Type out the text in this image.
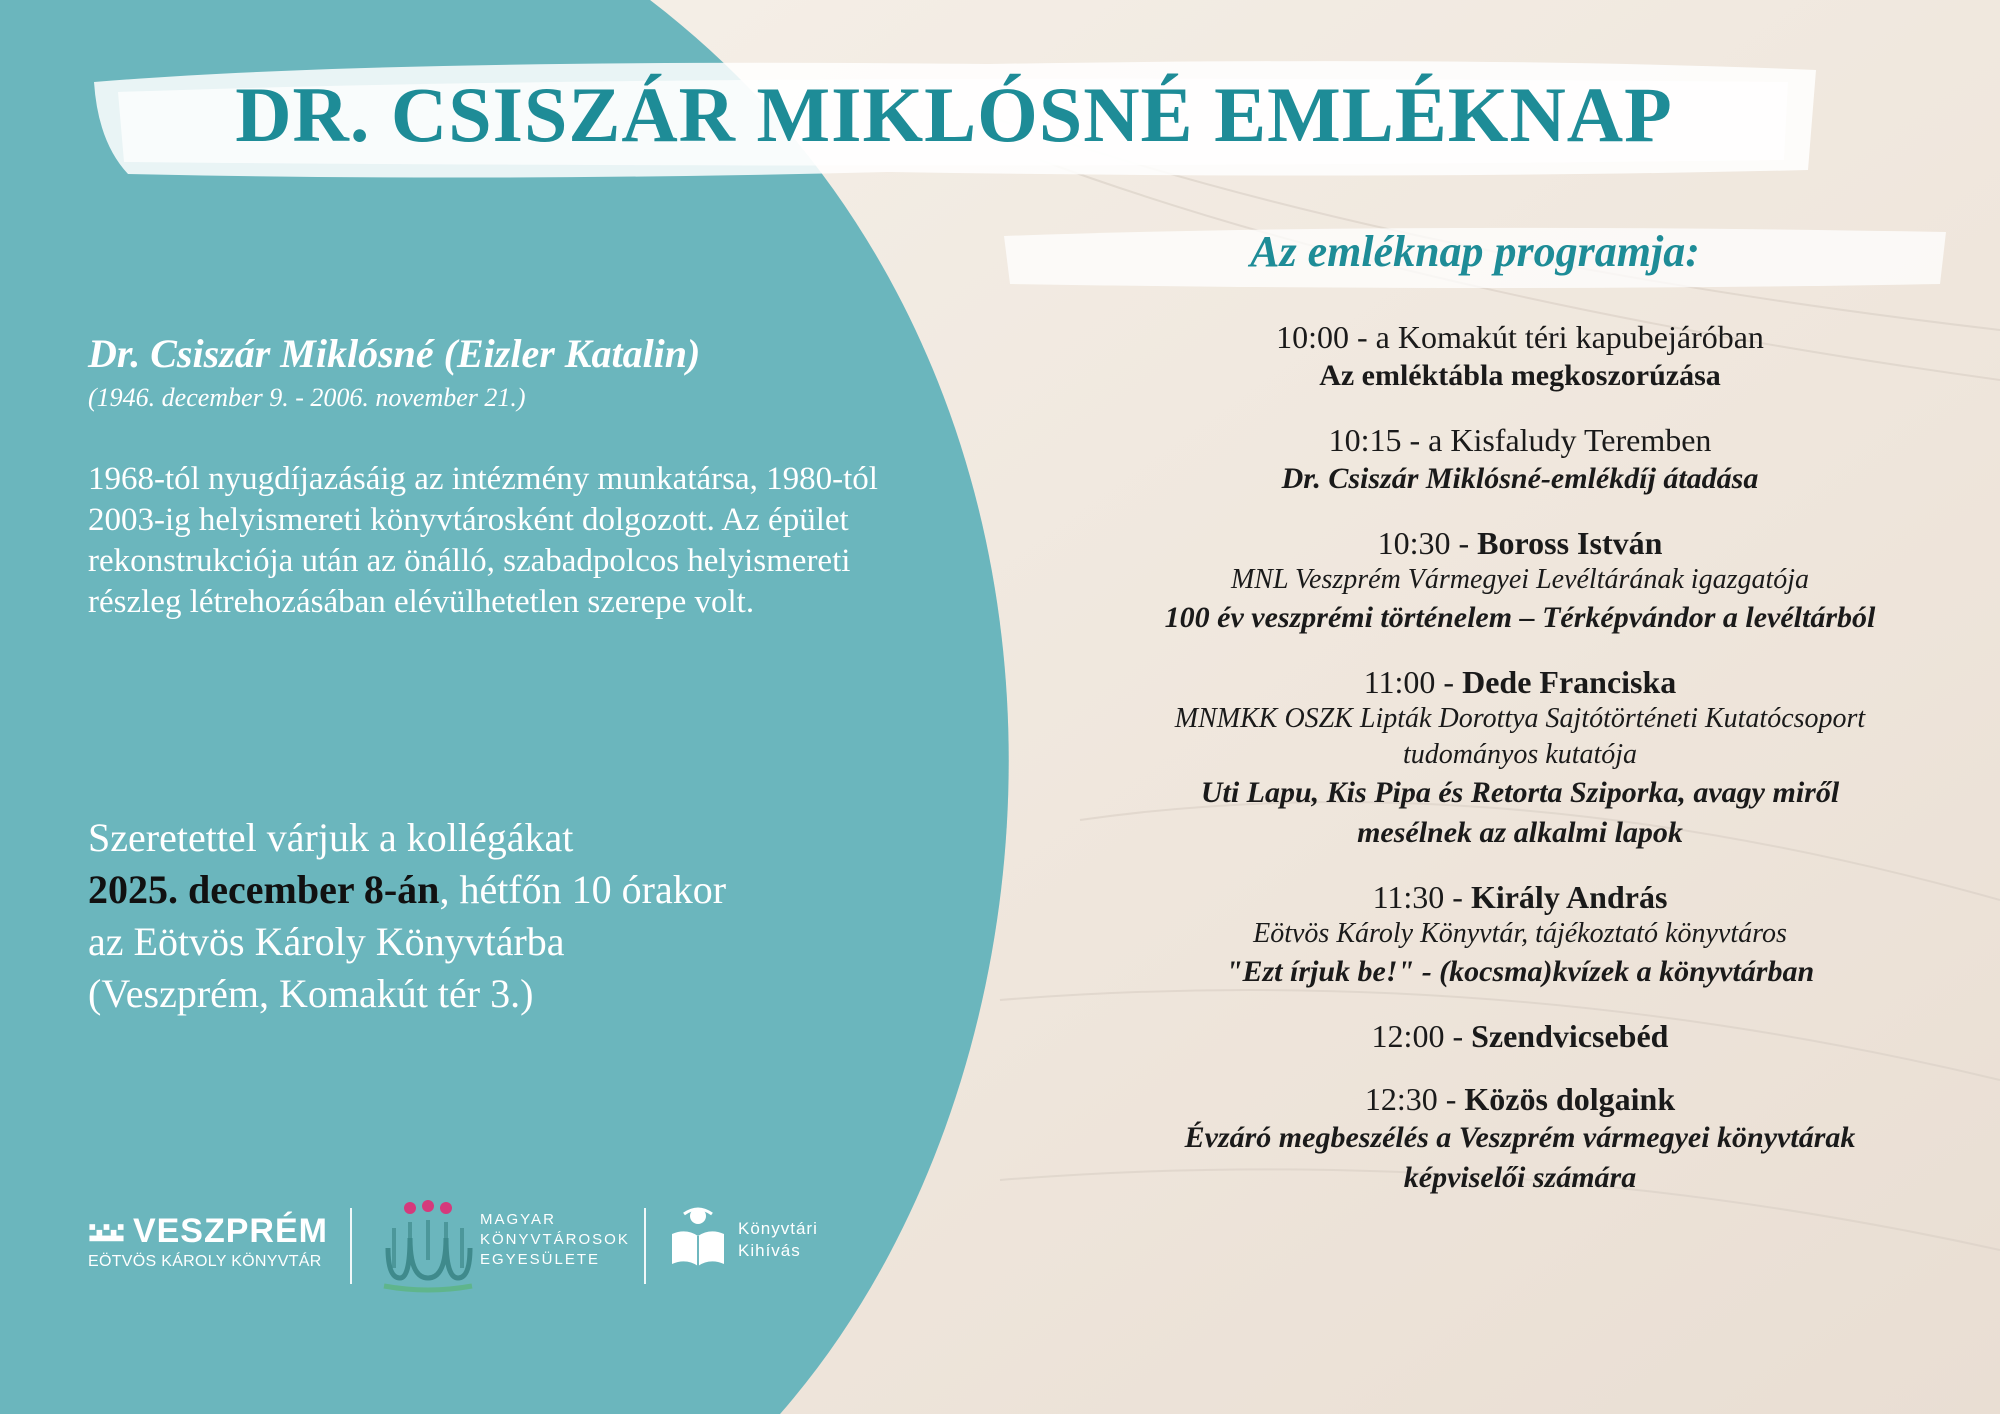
DR. CSISZÁR MIKLÓSNÉ EMLÉKNAP

Dr. Csiszár Miklósné (Eizler Katalin)

(1946. december 9. - 2006. november 21.)

1968-tól nyugdíjazásáig az intézmény munkatársa, 1980-tól 2003-ig helyismereti könyvtárosként dolgozott. Az épület rekonstrukciója után az önálló, szabadpolcos helyismereti részleg létrehozásában elévülhetetlen szerepe volt.

Szeretettel várjuk a kollégákat
2025. december 8-án, hétfőn 10 órakor
az Eötvös Károly Könyvtárba
(Veszprém, Komakút tér 3.)
Az emléknap programja:
10:00 - a Komakút téri kapubejáróban
Az emléktábla megkoszorúzása
10:15 - a Kisfaludy Teremben
Dr. Csiszár Miklósné-emlékdíj átadása
10:30 - Boross István
MNL Veszprém Vármegyei Levéltárának igazgatója
100 év veszprémi történelem – Térképvándor a levéltárból
11:00 - Dede Franciska
MNMKK OSZK Lipták Dorottya Sajtótörténeti Kutatócsoport
tudományos kutatója
Uti Lapu, Kis Pipa és Retorta Sziporka, avagy miről
mesélnek az alkalmi lapok
11:30 - Király András
Eötvös Károly Könyvtár, tájékoztató könyvtáros
"Ezt írjuk be!" - (kocsma)kvízek a könyvtárban
12:00 - Szendvicsebéd
12:30 - Közös dolgaink
Évzáró megbeszélés a Veszprém vármegyei könyvtárak
képviselői számára
VESZPRÉM
EÖTVÖS KÁROLY KÖNYVTÁR
MAGYAR
KÖNYVTÁROSOK
EGYESÜLETE
Könyvtári
Kihívás
